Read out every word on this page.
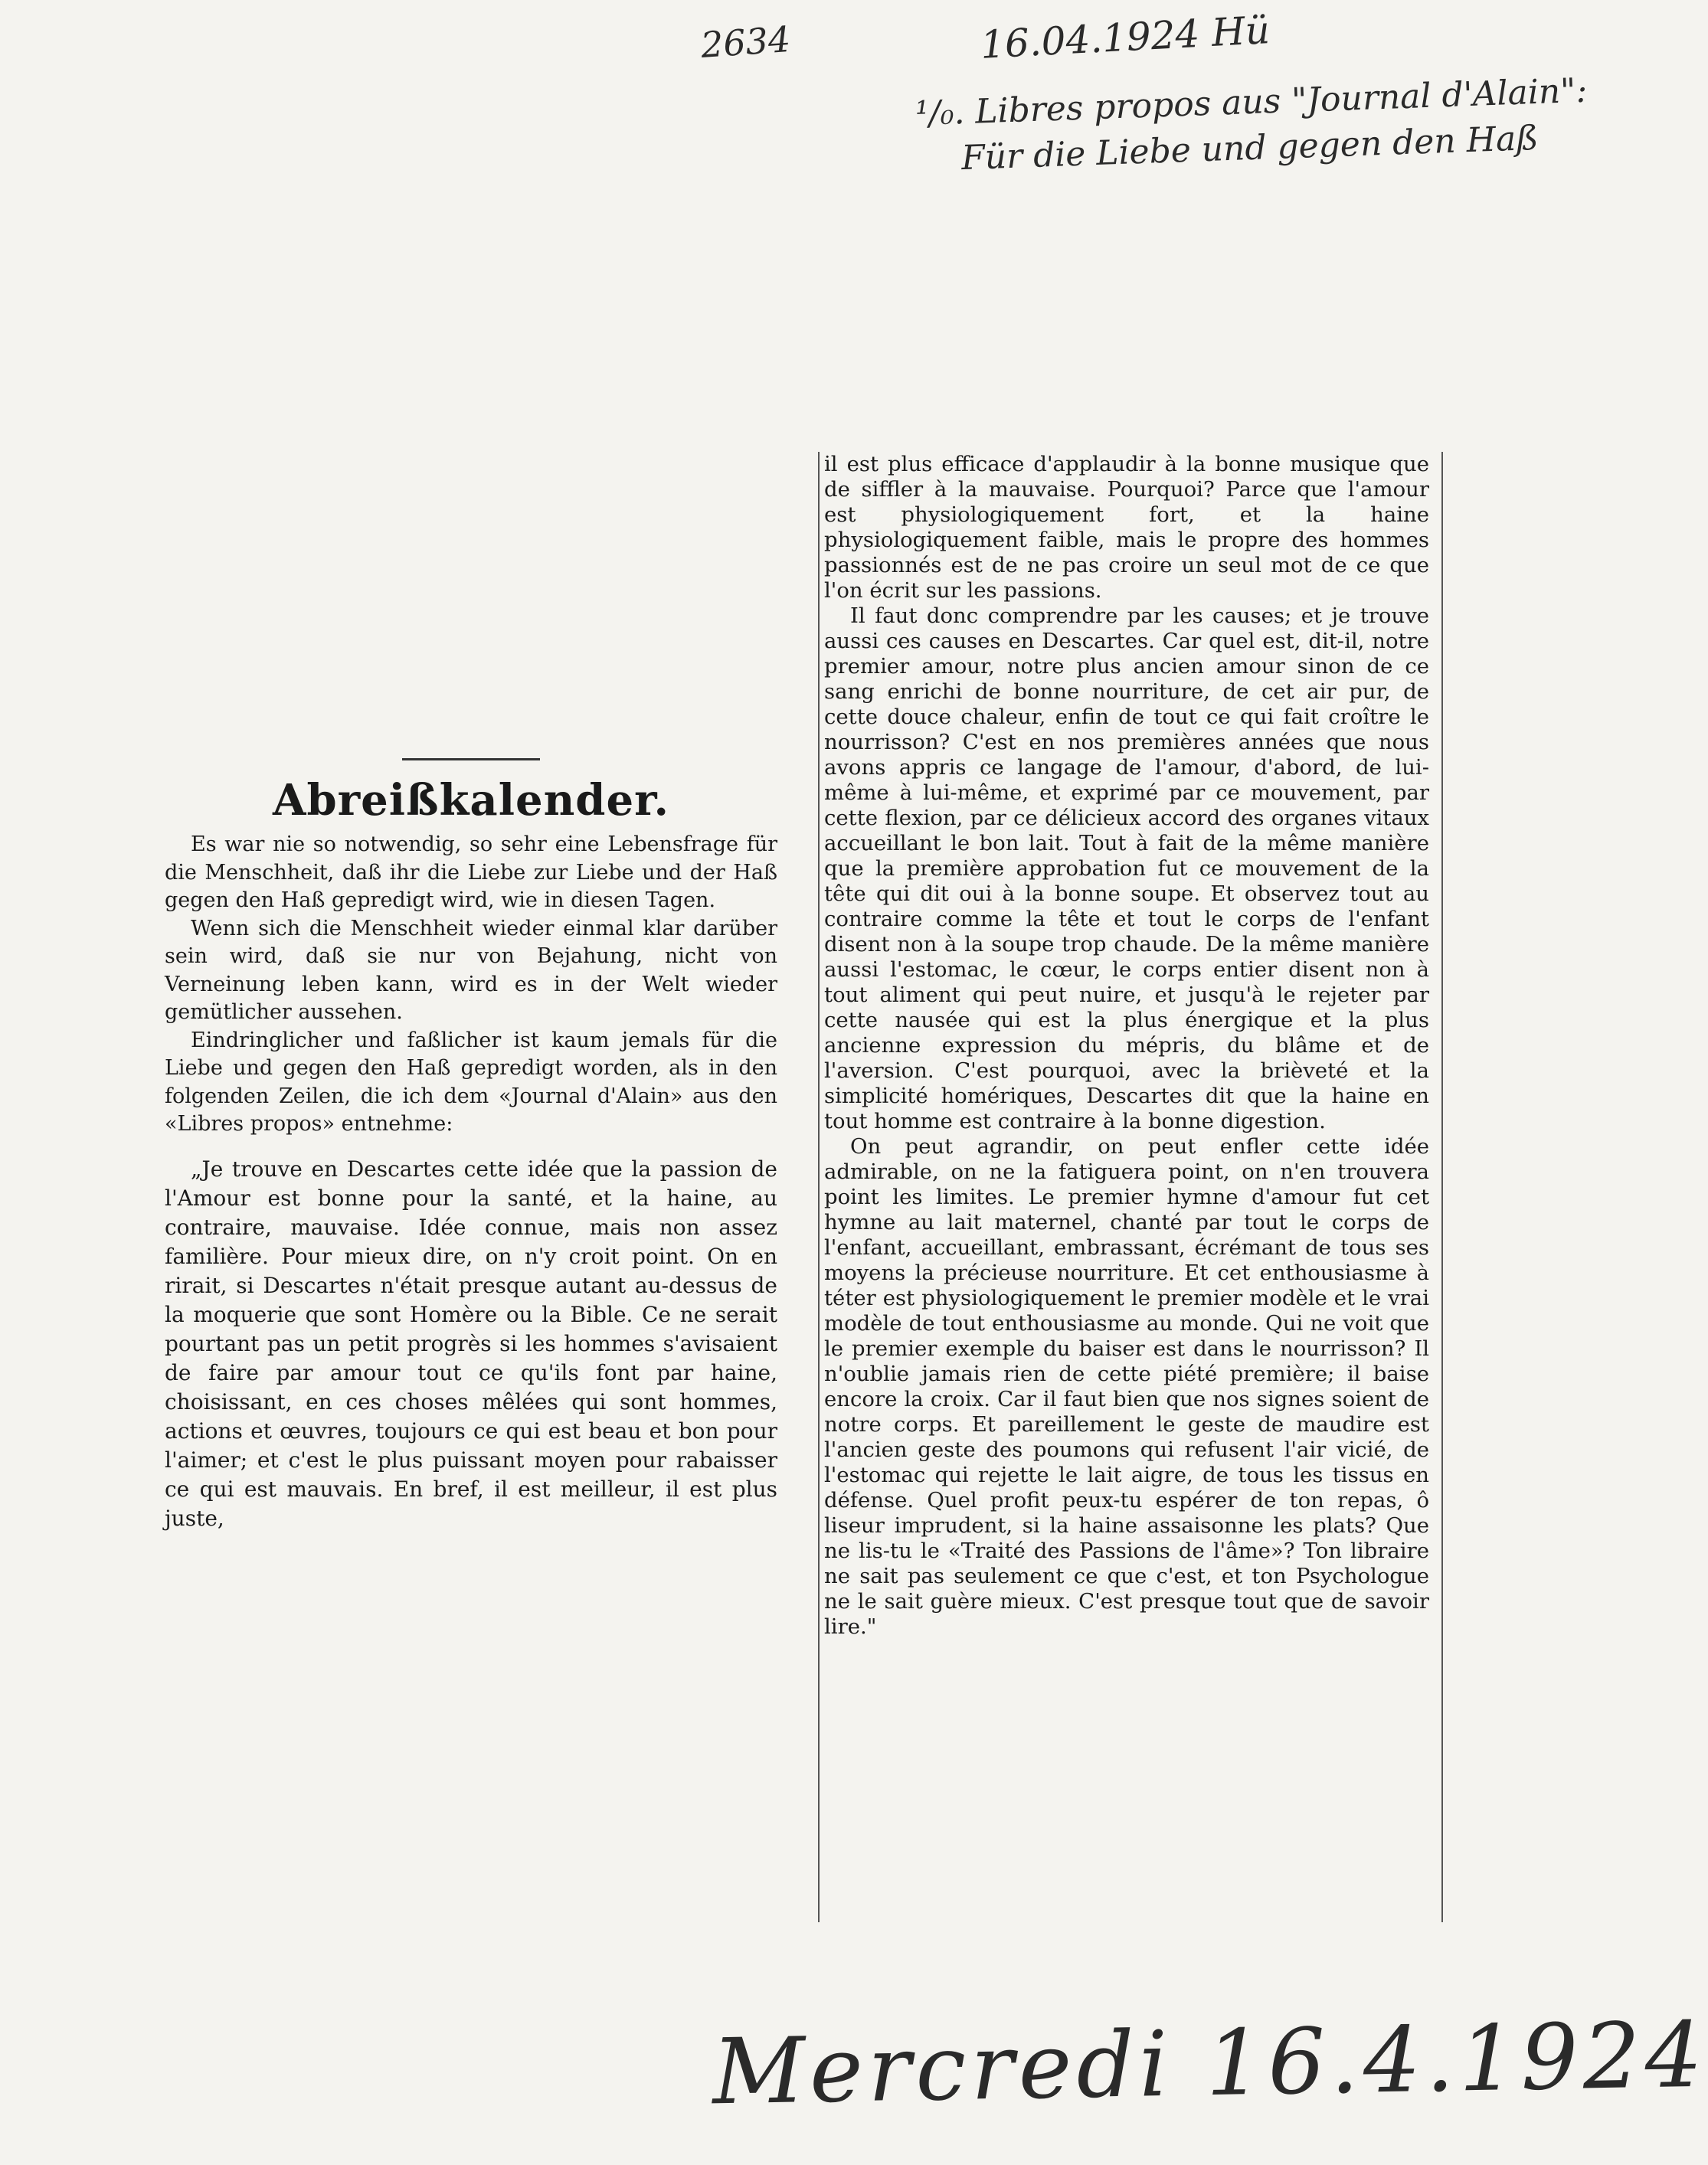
2634	16.04.1924 Hü
¹/₀. Libres propos aus "Journal d'Alain":
Für die Liebe und gegen den Haß
Abreißkalender.

Es war nie so notwendig, so sehr eine Lebensfrage für die Menschheit, daß ihr die Liebe zur Liebe und der Haß gegen den Haß gepredigt wird, wie in diesen Tagen.

Wenn sich die Menschheit wieder einmal klar darüber sein wird, daß sie nur von Bejahung, nicht von Verneinung leben kann, wird es in der Welt wieder gemütlicher aussehen.

Eindringlicher und faßlicher ist kaum jemals für die Liebe und gegen den Haß gepredigt worden, als in den folgenden Zeilen, die ich dem «Journal d'Alain» aus den «Libres propos» entnehme:

„Je trouve en Descartes cette idée que la passion de l'Amour est bonne pour la santé, et la haine, au contraire, mauvaise. Idée connue, mais non assez familière. Pour mieux dire, on n'y croit point. On en rirait, si Descartes n'était presque autant au-dessus de la moquerie que sont Homère ou la Bible. Ce ne serait pourtant pas un petit progrès si les hommes s'avisaient de faire par amour tout ce qu'ils font par haine, choisissant, en ces choses mêlées qui sont hommes, actions et œuvres, toujours ce qui est beau et bon pour l'aimer; et c'est le plus puissant moyen pour rabaisser ce qui est mauvais. En bref, il est meilleur, il est plus juste,

il est plus efficace d'applaudir à la bonne musique que de siffler à la mauvaise. Pourquoi? Parce que l'amour est physiologiquement fort, et la haine physiologiquement faible, mais le propre des hommes passionnés est de ne pas croire un seul mot de ce que l'on écrit sur les passions.

Il faut donc comprendre par les causes; et je trouve aussi ces causes en Descartes. Car quel est, dit-il, notre premier amour, notre plus ancien amour sinon de ce sang enrichi de bonne nourriture, de cet air pur, de cette douce chaleur, enfin de tout ce qui fait croître le nourrisson? C'est en nos premières années que nous avons appris ce langage de l'amour, d'abord, de lui-même à lui-même, et exprimé par ce mouvement, par cette flexion, par ce délicieux accord des organes vitaux accueillant le bon lait. Tout à fait de la même manière que la première approbation fut ce mouvement de la tête qui dit oui à la bonne soupe. Et observez tout au contraire comme la tête et tout le corps de l'enfant disent non à la soupe trop chaude. De la même manière aussi l'estomac, le cœur, le corps entier disent non à tout aliment qui peut nuire, et jusqu'à le rejeter par cette nausée qui est la plus énergique et la plus ancienne expression du mépris, du blâme et de l'aversion. C'est pourquoi, avec la brièveté et la simplicité homériques, Descartes dit que la haine en tout homme est contraire à la bonne digestion.

On peut agrandir, on peut enfler cette idée admirable, on ne la fatiguera point, on n'en trouvera point les limites. Le premier hymne d'amour fut cet hymne au lait maternel, chanté par tout le corps de l'enfant, accueillant, embrassant, écrémant de tous ses moyens la précieuse nourriture. Et cet enthousiasme à téter est physiologiquement le premier modèle et le vrai modèle de tout enthousiasme au monde. Qui ne voit que le premier exemple du baiser est dans le nourrisson? Il n'oublie jamais rien de cette piété première; il baise encore la croix. Car il faut bien que nos signes soient de notre corps. Et pareillement le geste de maudire est l'ancien geste des poumons qui refusent l'air vicié, de l'estomac qui rejette le lait aigre, de tous les tissus en défense. Quel profit peux-tu espérer de ton repas, ô liseur imprudent, si la haine assaisonne les plats? Que ne lis-tu le «Traité des Passions de l'âme»? Ton libraire ne sait pas seulement ce que c'est, et ton Psychologue ne le sait guère mieux. C'est presque tout que de savoir lire."

Mercredi 16.4.1924
